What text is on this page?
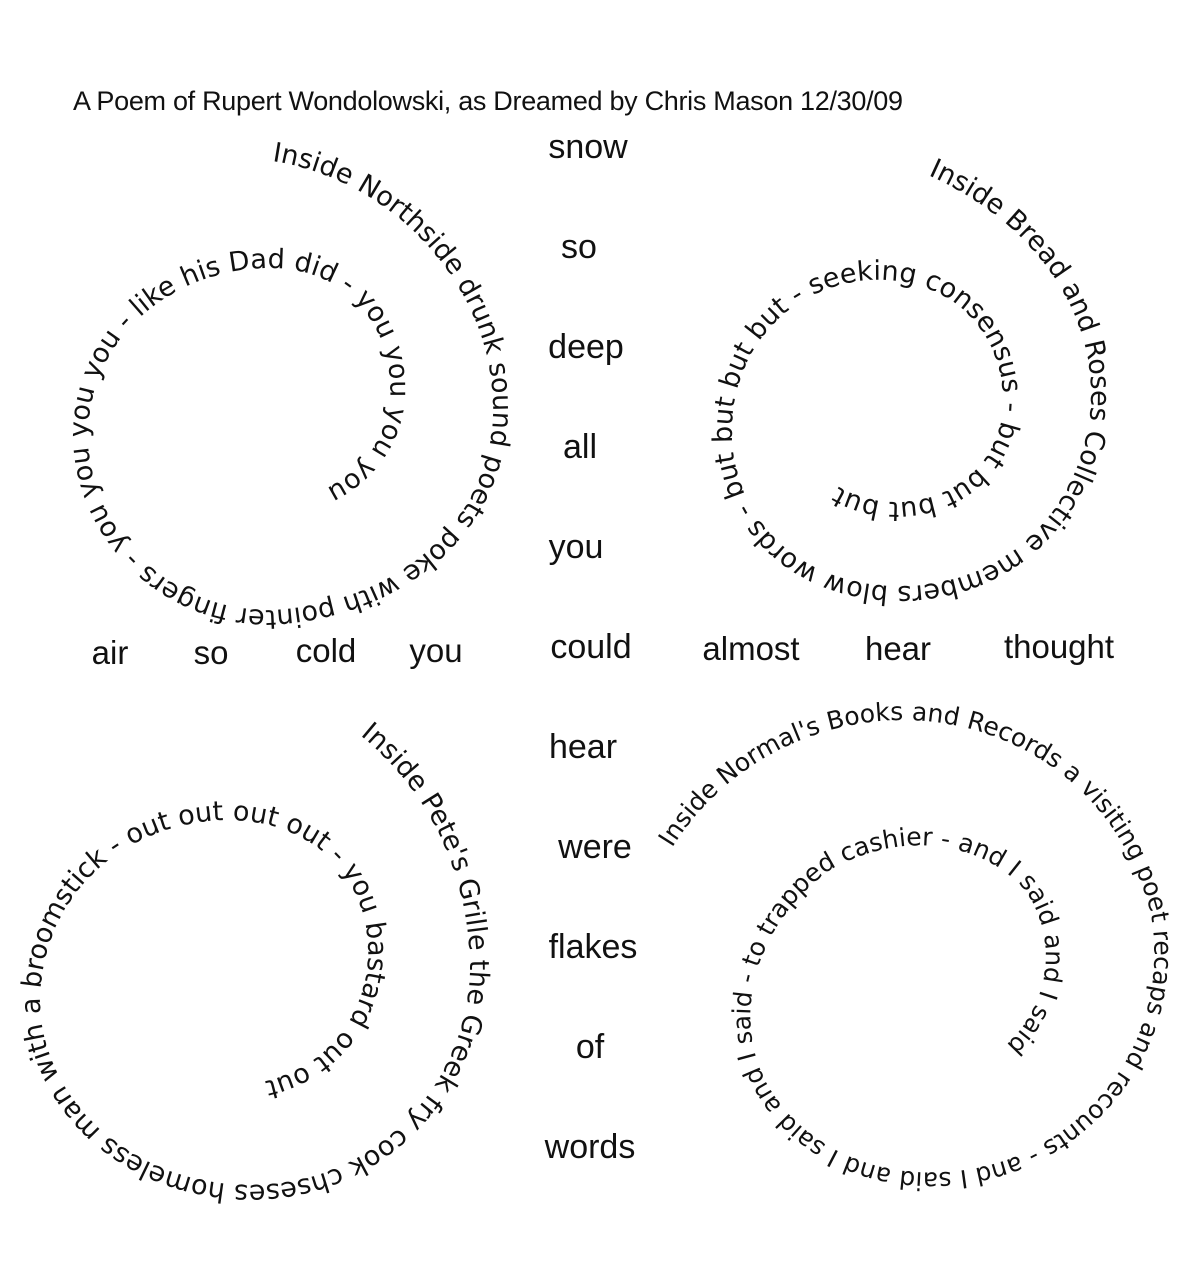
A Poem of Rupert Wondolowski, as Dreamed by Chris Mason 12/30/09
snow
so
deep
all
you
could
hear
were
flakes
of
words
air so cold you	almost hear thought
Inside Northside drunk sound poets poke with pointer fingers - you you you you - like his Dad did - you you you you
Inside Bread and Roses Collective members blow words - but but but but - seeking consensus - but but but but
Inside Pete's Grille the Greek fry cook chseses homeless man with a broomstick - out out out out - you bastard out out
Inside Normal's Books and Records a visiting poet recaps and recounts - and I said and I said and I said - to trapped cashier - and I said and I said
